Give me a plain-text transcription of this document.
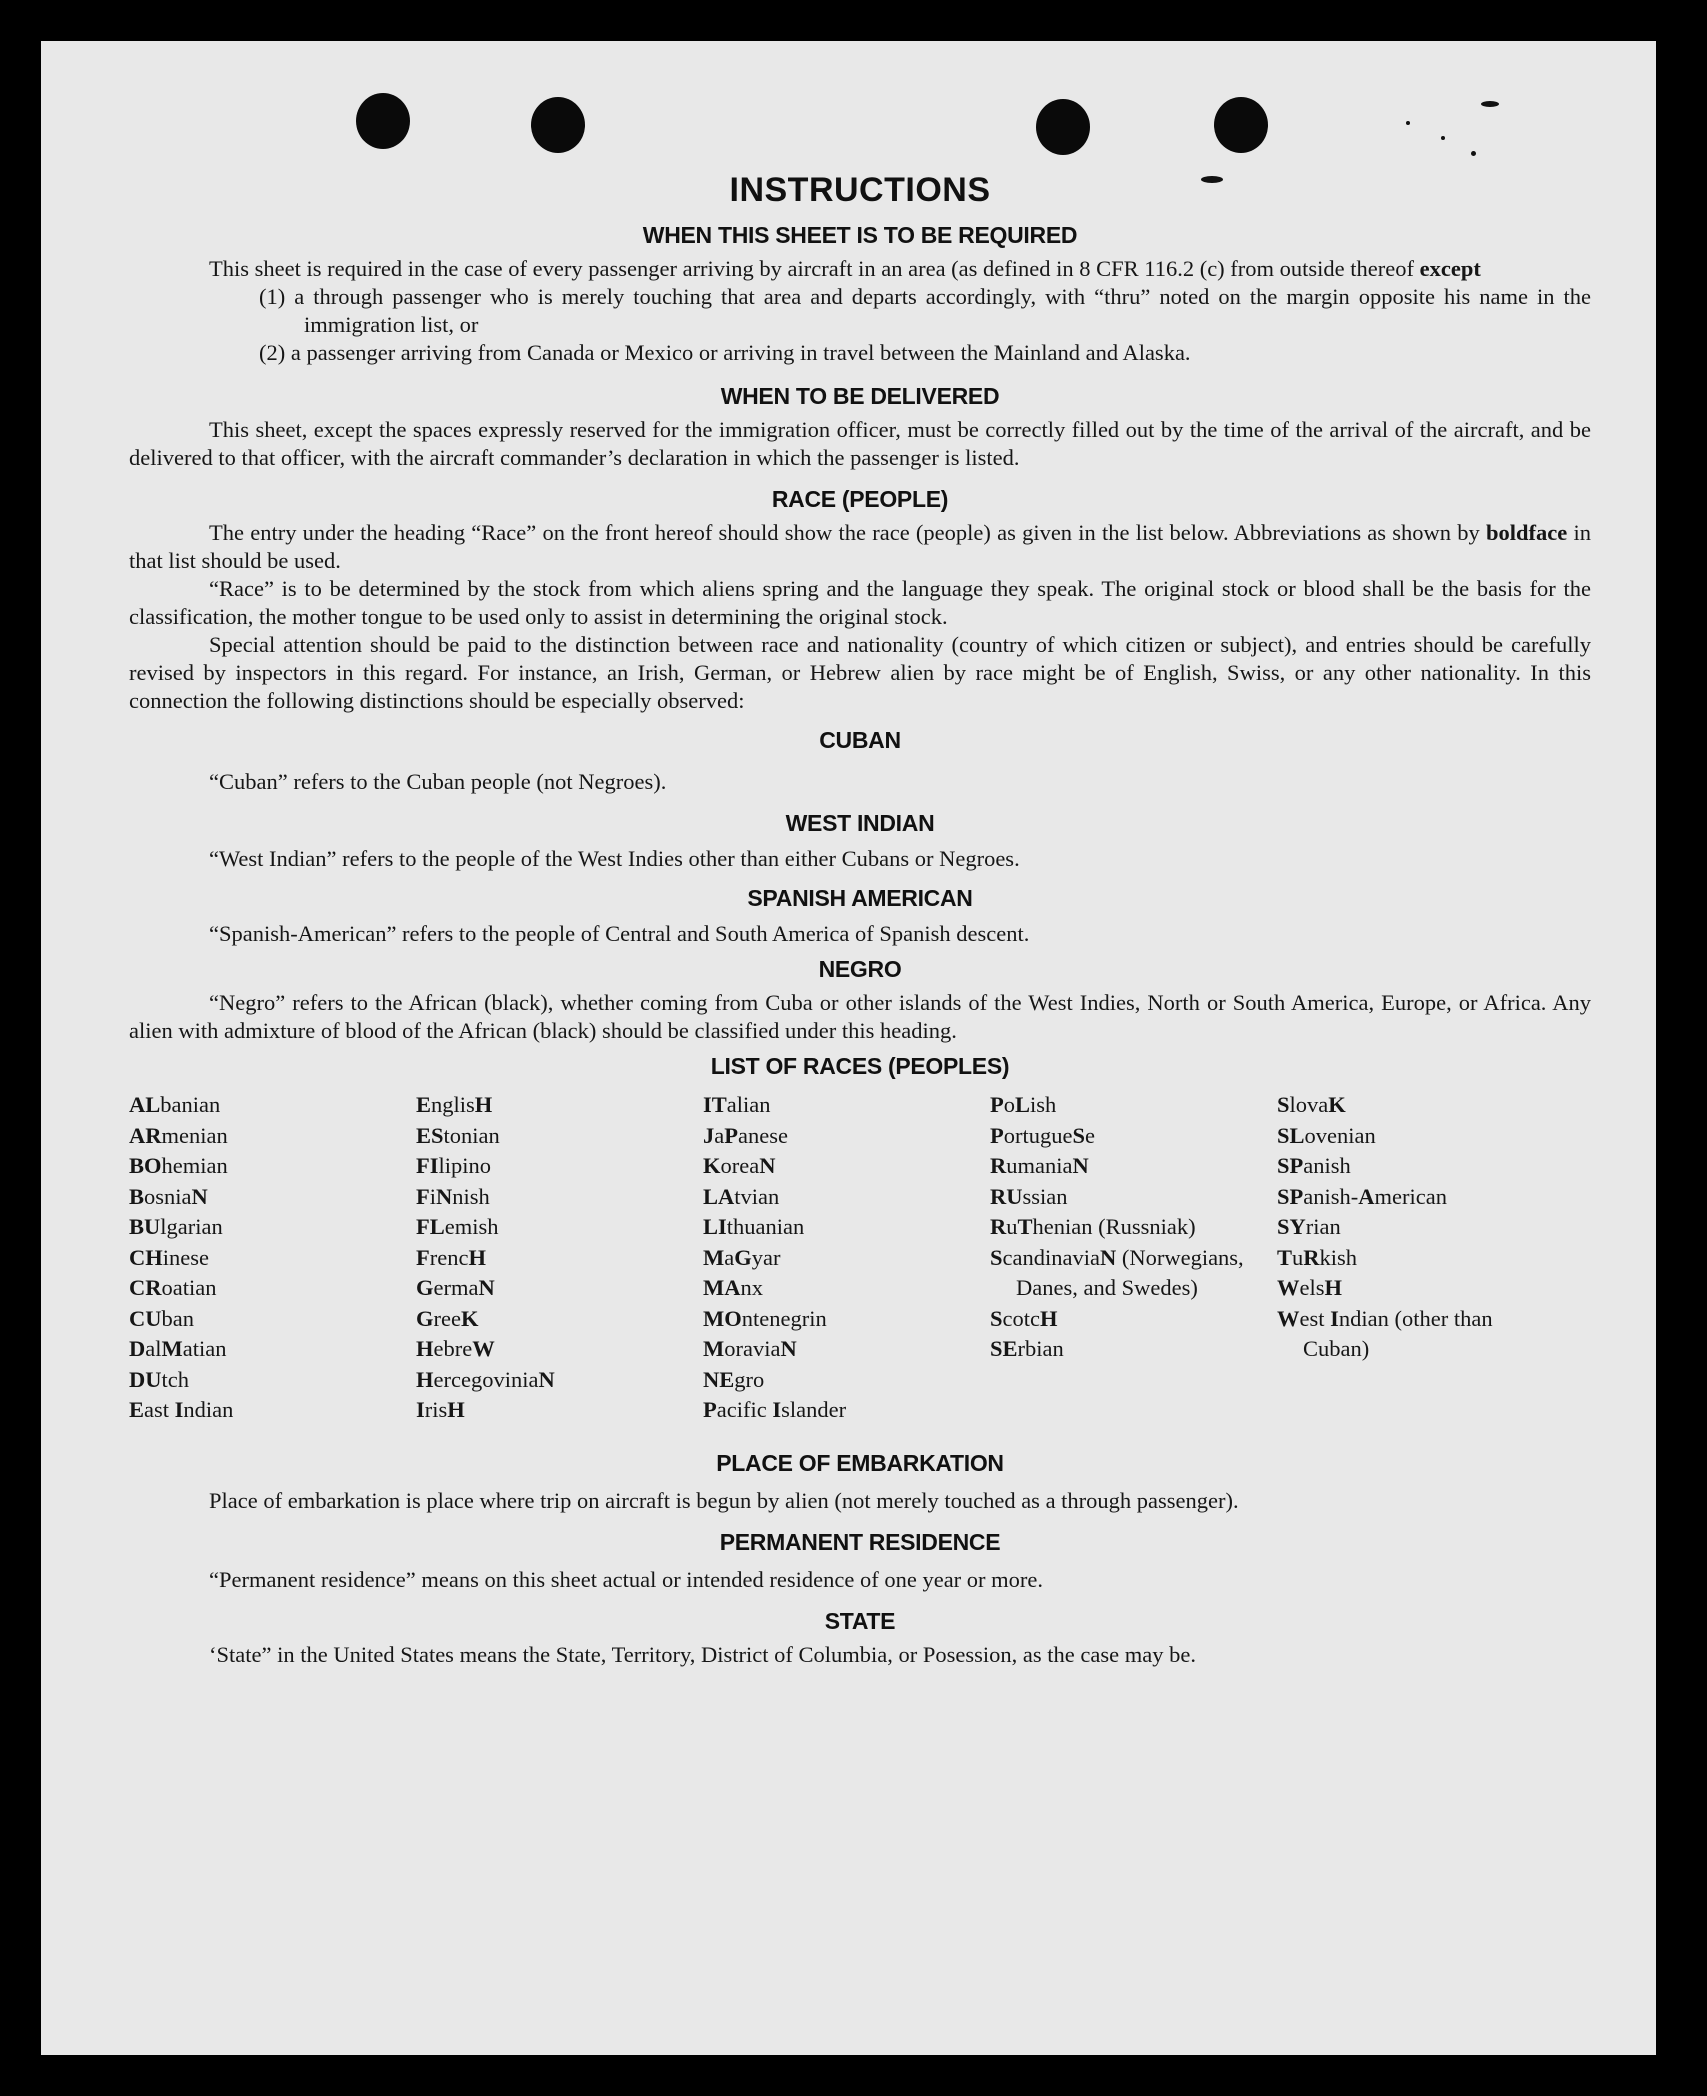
INSTRUCTIONS
WHEN THIS SHEET IS TO BE REQUIRED

This sheet is required in the case of every passenger arriving by aircraft in an area (as defined in 8 CFR 116.2 (c) from outside thereof except

(1) a through passenger who is merely touching that area and departs accordingly, with “thru” noted on the margin opposite his name in the immigration list, or
(2) a passenger arriving from Canada or Mexico or arriving in travel between the Mainland and Alaska.
WHEN TO BE DELIVERED

This sheet, except the spaces expressly reserved for the immigration officer, must be correctly filled out by the time of the arrival of the aircraft, and be delivered to that officer, with the aircraft commander’s declaration in which the passenger is listed.

RACE (PEOPLE)

The entry under the heading “Race” on the front hereof should show the race (people) as given in the list below. Abbreviations as shown by boldface in that list should be used.

“Race” is to be determined by the stock from which aliens spring and the language they speak. The original stock or blood shall be the basis for the classification, the mother tongue to be used only to assist in determining the original stock.

Special attention should be paid to the distinction between race and nationality (country of which citizen or subject), and entries should be carefully revised by inspectors in this regard. For instance, an Irish, German, or Hebrew alien by race might be of English, Swiss, or any other nationality. In this connection the following distinctions should be especially observed:

CUBAN

“Cuban” refers to the Cuban people (not Negroes).

WEST INDIAN

“West Indian” refers to the people of the West Indies other than either Cubans or Negroes.

SPANISH AMERICAN

“Spanish-American” refers to the people of Central and South America of Spanish descent.

NEGRO

“Negro” refers to the African (black), whether coming from Cuba or other islands of the West Indies, North or South America, Europe, or Africa. Any alien with admixture of blood of the African (black) should be classified under this heading.

LIST OF RACES (PEOPLES)
ALbanian
ARmenian
BOhemian
BosniaN
BUlgarian
CHinese
CRoatian
CUban
DalMatian
DUtch
East Indian
EnglisH
EStonian
FIlipino
FiNnish
FLemish
FrencH
GermaN
GreeK
HebreW
HercegoviniaN
IrisH
ITalian
JaPanese
KoreaN
LAtvian
LIthuanian
MaGyar
MAnx
MOntenegrin
MoraviaN
NEgro
Pacific Islander
PoLish
PortugueSe
RumaniaN
RUssian
RuThenian (Russniak)
ScandinaviaN (Norwegians, Danes, and Swedes)
ScotcH
SErbian
SlovaK
SLovenian
SPanish
SPanish-American
SYrian
TuRkish
WelsH
West Indian (other than Cuban)
PLACE OF EMBARKATION

Place of embarkation is place where trip on aircraft is begun by alien (not merely touched as a through passenger).

PERMANENT RESIDENCE

“Permanent residence” means on this sheet actual or intended residence of one year or more.

STATE

‘State” in the United States means the State, Territory, District of Columbia, or Posession, as the case may be.
